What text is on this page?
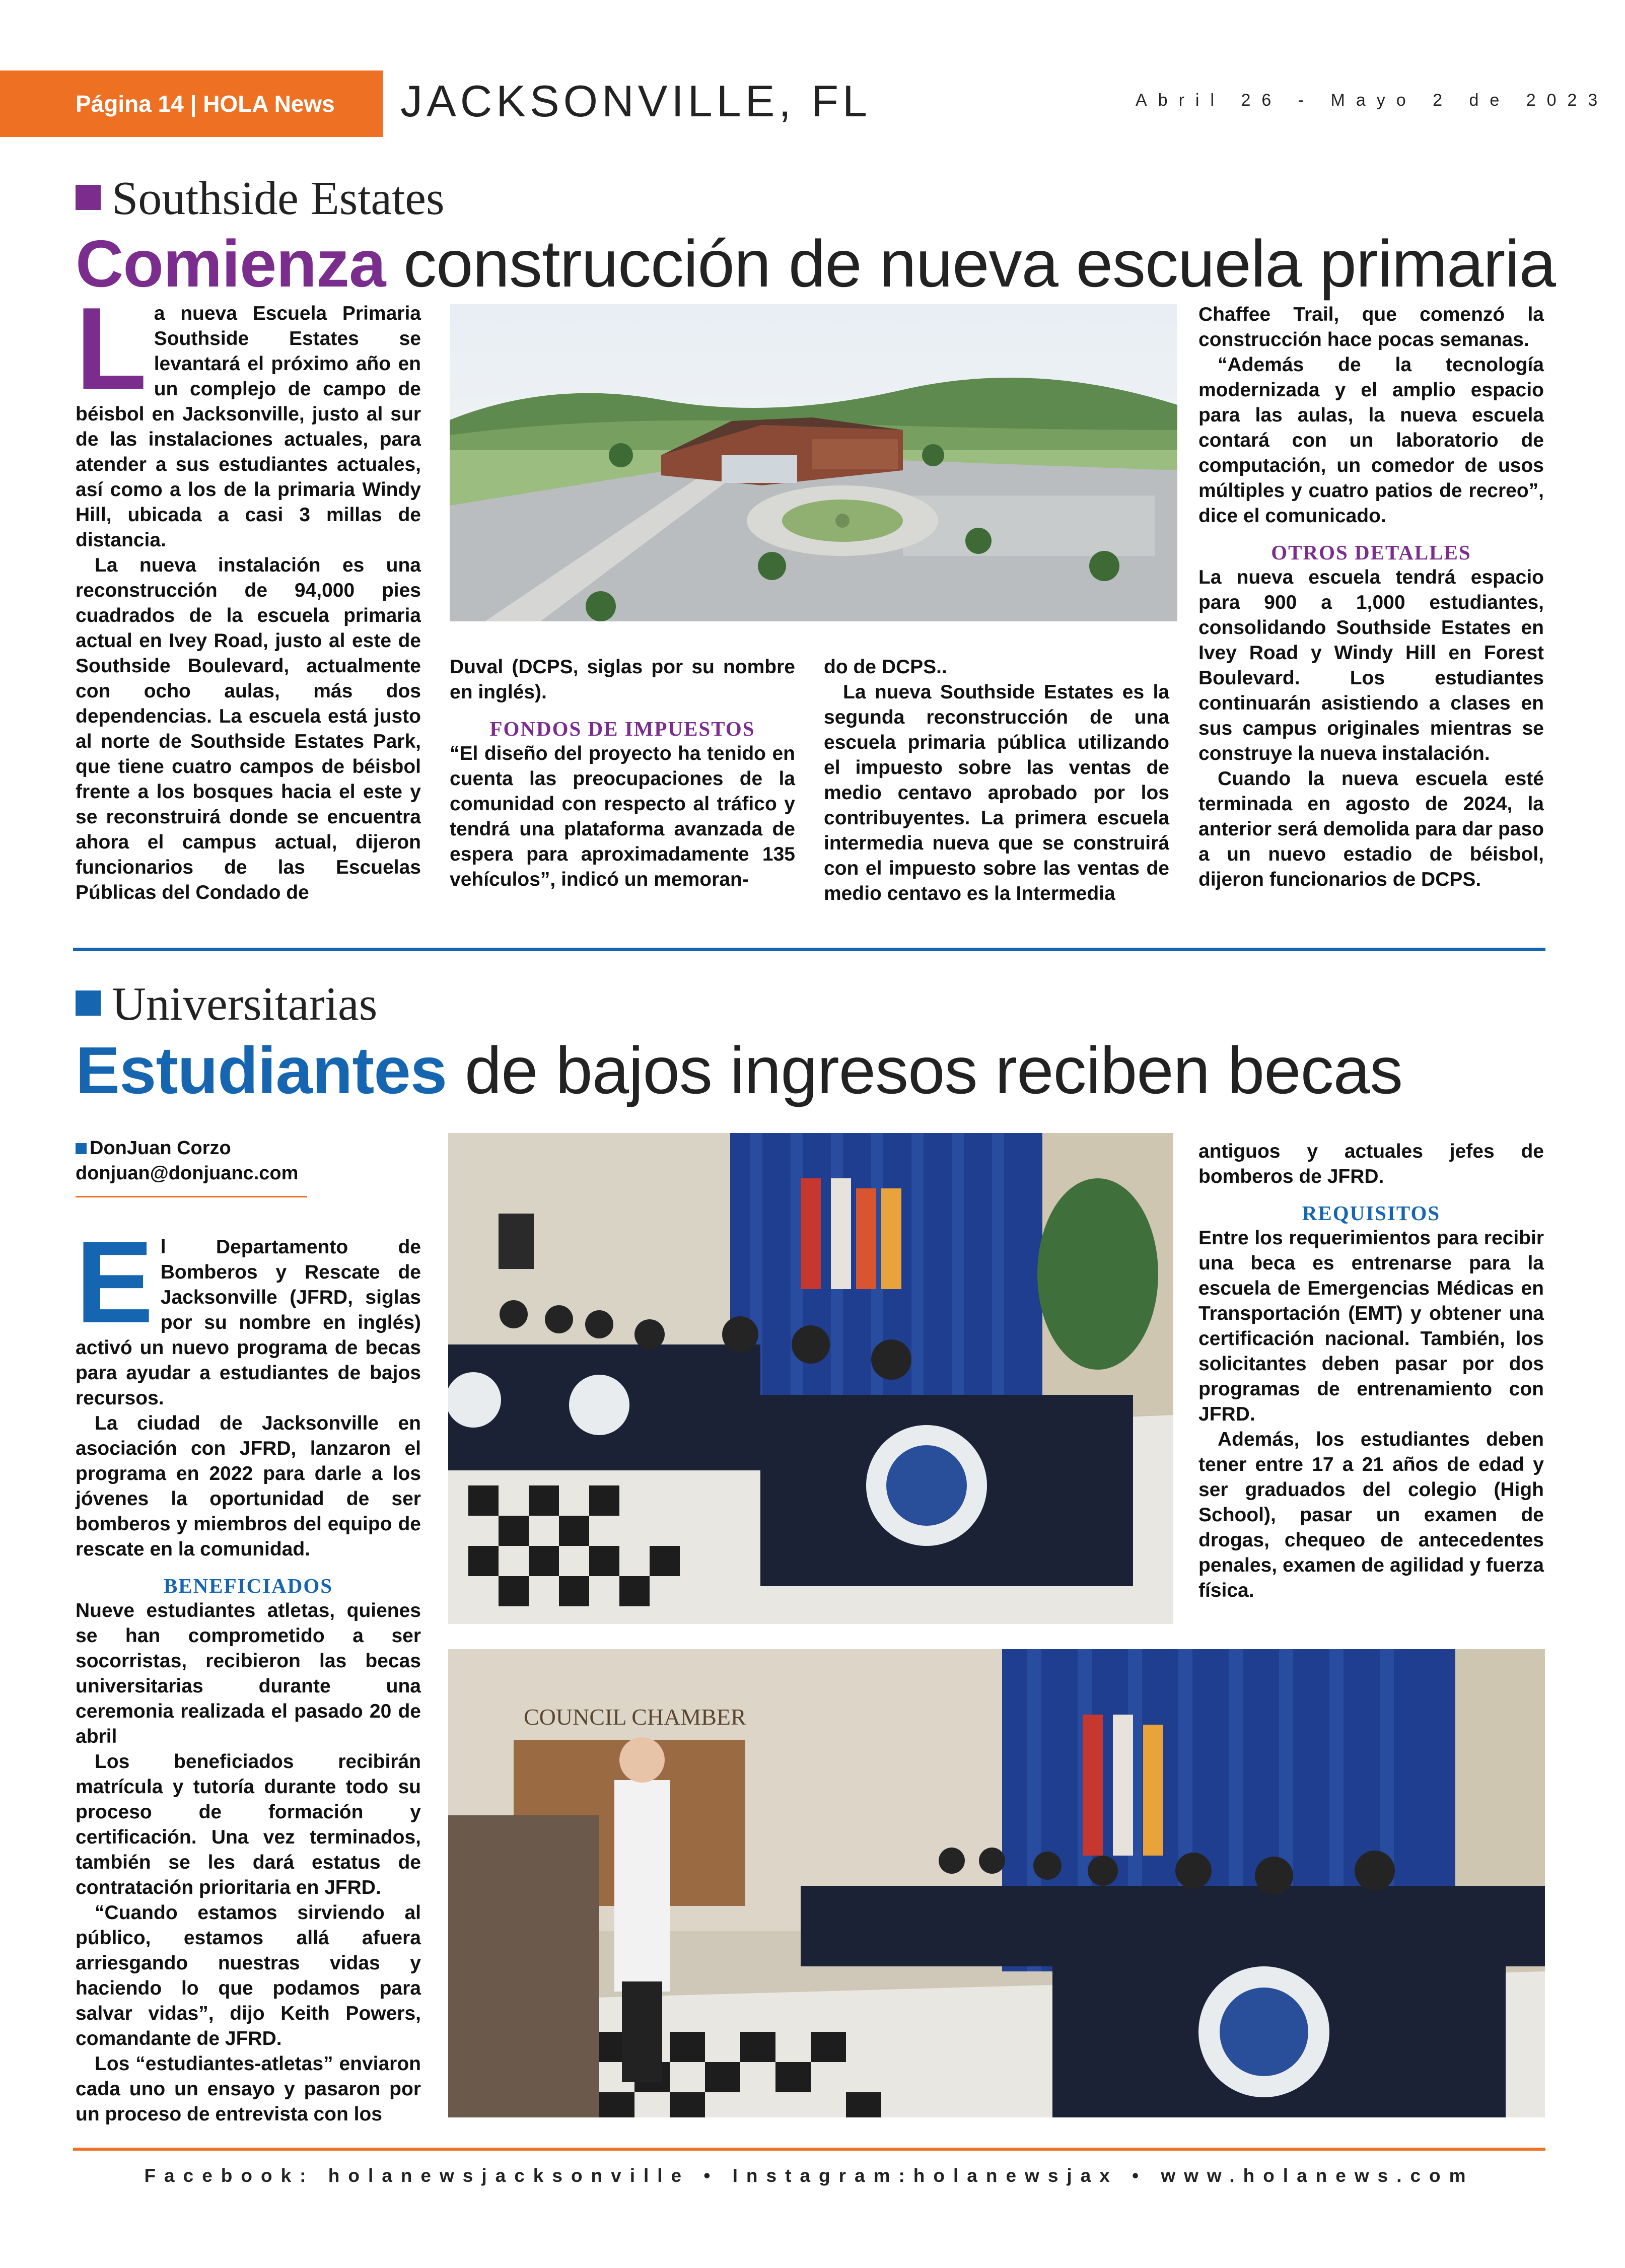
Página 14 | HOLA News JACKSONVILLE, FL	Abril 26 - Mayo 2 de 2023
Southside Estates
Comienza construcción de nueva escuela primaria

La nueva Escuela Primaria Southside Estates se levantará el próximo año en un complejo de campo de béisbol en Jacksonville, justo al sur de las instalaciones actuales, para atender a sus estudiantes actuales, así como a los de la primaria Windy Hill, ubicada a casi 3 millas de distancia.

La nueva instalación es una reconstrucción de 94,000 pies cuadrados de la escuela primaria actual en Ivey Road, justo al este de Southside Boulevard, actualmente con ocho aulas, más dos dependencias. La escuela está justo al norte de Southside Estates Park, que tiene cuatro campos de béisbol frente a los bosques hacia el este y se reconstruirá donde se encuentra ahora el campus actual, dijeron funcionarios de las Escuelas Públicas del Condado de

Duval (DCPS, siglas por su nombre en inglés).

FONDOS DE IMPUESTOS

“El diseño del proyecto ha tenido en cuenta las preocupaciones de la comunidad con respecto al tráfico y tendrá una plataforma avanzada de espera para aproximadamente 135 vehículos”, indicó un memoran-

do de DCPS..

La nueva Southside Estates es la segunda reconstrucción de una escuela primaria pública utilizando el impuesto sobre las ventas de medio centavo aprobado por los contribuyentes. La primera escuela intermedia nueva que se construirá con el impuesto sobre las ventas de medio centavo es la Intermedia

Chaffee Trail, que comenzó la construcción hace pocas semanas.

“Además de la tecnología modernizada y el amplio espacio para las aulas, la nueva escuela contará con un laboratorio de computación, un comedor de usos múltiples y cuatro patios de recreo”, dice el comunicado.

OTROS DETALLES

La nueva escuela tendrá espacio para 900 a 1,000 estudiantes, consolidando Southside Estates en Ivey Road y Windy Hill en Forest Boulevard. Los estudiantes continuarán asistiendo a clases en sus campus originales mientras se construye la nueva instalación.

Cuando la nueva escuela esté terminada en agosto de 2024, la anterior será demolida para dar paso a un nuevo estadio de béisbol, dijeron funcionarios de DCPS.

Universitarias
Estudiantes de bajos ingresos reciben becas
DonJuan Corzo
donjuan@donjuanc.com

El Departamento de Bomberos y Rescate de Jacksonville (JFRD, siglas por su nombre en inglés) activó un nuevo programa de becas para ayudar a estudiantes de bajos recursos.

La ciudad de Jacksonville en asociación con JFRD, lanzaron el programa en 2022 para darle a los jóvenes la oportunidad de ser bomberos y miembros del equipo de rescate en la comunidad.

BENEFICIADOS

Nueve estudiantes atletas, quienes se han comprometido a ser socorristas, recibieron las becas universitarias durante una ceremonia realizada el pasado 20 de abril

Los beneficiados recibirán matrícula y tutoría durante todo su proceso de formación y certificación. Una vez terminados, también se les dará estatus de contratación prioritaria en JFRD.

“Cuando estamos sirviendo al público, estamos allá afuera arriesgando nuestras vidas y haciendo lo que podamos para salvar vidas”, dijo Keith Powers, comandante de JFRD.

Los “estudiantes-atletas” enviaron cada uno un ensayo y pasaron por un proceso de entrevista con los

COUNCIL CHAMBER

antiguos y actuales jefes de bomberos de JFRD.

REQUISITOS

Entre los requerimientos para recibir una beca es entrenarse para la escuela de Emergencias Médicas en Transportación (EMT) y obtener una certificación nacional. También, los solicitantes deben pasar por dos programas de entrenamiento con JFRD.

Además, los estudiantes deben tener entre 17 a 21 años de edad y ser graduados del colegio (High School), pasar un examen de drogas, chequeo de antecedentes penales, examen de agilidad y fuerza física.

Facebook: holanewsjacksonville • Instagram:holanewsjax • www.holanews.com
